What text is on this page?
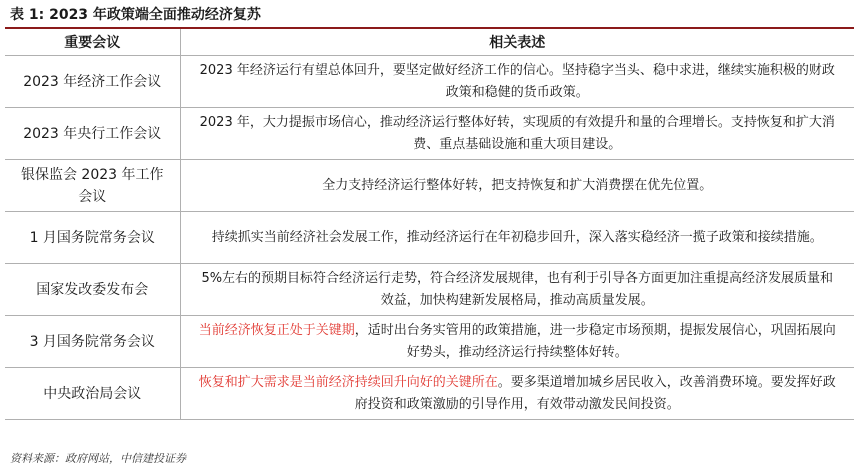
表 1: 2023 年政策端全面推动经济复苏
重要会议	相关表述
2023 年经济工作会议	2023 年经济运行有望总体回升，要坚定做好经济工作的信心。坚持稳字当头、稳中求进，继续实施积极的财政政策和稳健的货币政策。
2023 年央行工作会议	2023 年，大力提振市场信心，推动经济运行整体好转，实现质的有效提升和量的合理增长。支持恢复和扩大消费、重点基础设施和重大项目建设。
银保监会 2023 年工作会议	全力支持经济运行整体好转，把支持恢复和扩大消费摆在优先位置。
1 月国务院常务会议	持续抓实当前经济社会发展工作，推动经济运行在年初稳步回升，深入落实稳经济一揽子政策和接续措施。
国家发改委发布会	5%左右的预期目标符合经济运行走势，符合经济发展规律，也有利于引导各方面更加注重提高经济发展质量和效益，加快构建新发展格局，推动高质量发展。
3 月国务院常务会议	当前经济恢复正处于关键期，适时出台务实管用的政策措施，进一步稳定市场预期，提振发展信心，巩固拓展向好势头，推动经济运行持续整体好转。
中央政治局会议	恢复和扩大需求是当前经济持续回升向好的关键所在。要多渠道增加城乡居民收入，改善消费环境。要发挥好政府投资和政策激励的引导作用，有效带动激发民间投资。
资料来源：政府网站，中信建投证券
